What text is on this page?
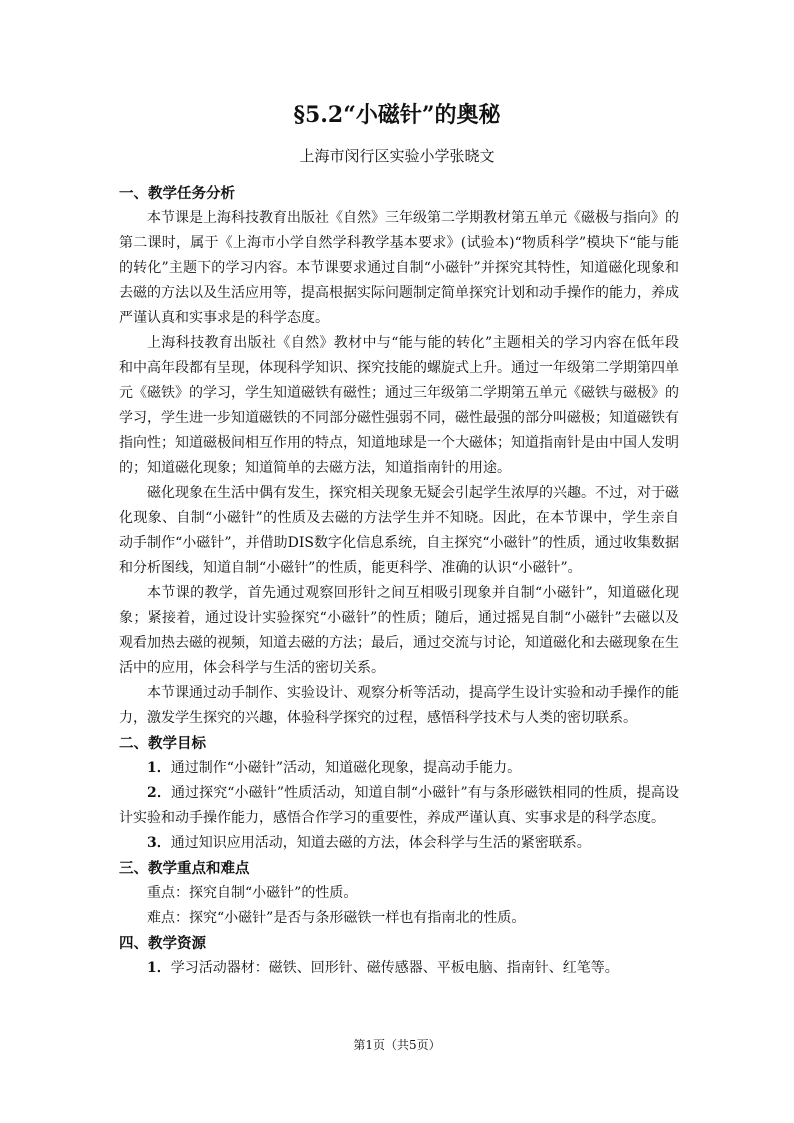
§5.2“小磁针”的奥秘
上海市闵行区实验小学张晓文

一、教学任务分析

本节课是上海科技教育出版社《自然》三年级第二学期教材第五单元《磁极与指向》的第二课时，属于《上海市小学自然学科教学基本要求》(试验本)“物质科学”模块下“能与能的转化”主题下的学习内容。本节课要求通过自制“小磁针”并探究其特性，知道磁化现象和去磁的方法以及生活应用等，提高根据实际问题制定简单探究计划和动手操作的能力，养成严谨认真和实事求是的科学态度。

上海科技教育出版社《自然》教材中与“能与能的转化”主题相关的学习内容在低年段和中高年段都有呈现，体现科学知识、探究技能的螺旋式上升。通过一年级第二学期第四单元《磁铁》的学习，学生知道磁铁有磁性；通过三年级第二学期第五单元《磁铁与磁极》的学习，学生进一步知道磁铁的不同部分磁性强弱不同，磁性最强的部分叫磁极；知道磁铁有指向性；知道磁极间相互作用的特点，知道地球是一个大磁体；知道指南针是由中国人发明的；知道磁化现象；知道简单的去磁方法，知道指南针的用途。

磁化现象在生活中偶有发生，探究相关现象无疑会引起学生浓厚的兴趣。不过，对于磁化现象、自制“小磁针”的性质及去磁的方法学生并不知晓。因此，在本节课中，学生亲自动手制作“小磁针”，并借助DIS数字化信息系统，自主探究“小磁针”的性质，通过收集数据和分析图线，知道自制“小磁针”的性质，能更科学、准确的认识“小磁针”。

本节课的教学，首先通过观察回形针之间互相吸引现象并自制“小磁针”，知道磁化现象；紧接着，通过设计实验探究“小磁针”的性质；随后，通过摇晃自制“小磁针”去磁以及观看加热去磁的视频，知道去磁的方法；最后，通过交流与讨论，知道磁化和去磁现象在生活中的应用，体会科学与生活的密切关系。

本节课通过动手制作、实验设计、观察分析等活动，提高学生设计实验和动手操作的能力，激发学生探究的兴趣，体验科学探究的过程，感悟科学技术与人类的密切联系。

二、教学目标

1．通过制作“小磁针”活动，知道磁化现象，提高动手能力。

2．通过探究“小磁针”性质活动，知道自制“小磁针”有与条形磁铁相同的性质，提高设计实验和动手操作能力，感悟合作学习的重要性，养成严谨认真、实事求是的科学态度。

3．通过知识应用活动，知道去磁的方法，体会科学与生活的紧密联系。

三、教学重点和难点

重点：探究自制“小磁针”的性质。

难点：探究“小磁针”是否与条形磁铁一样也有指南北的性质。

四、教学资源

1．学习活动器材：磁铁、回形针、磁传感器、平板电脑、指南针、红笔等。

第1页（共5页）
